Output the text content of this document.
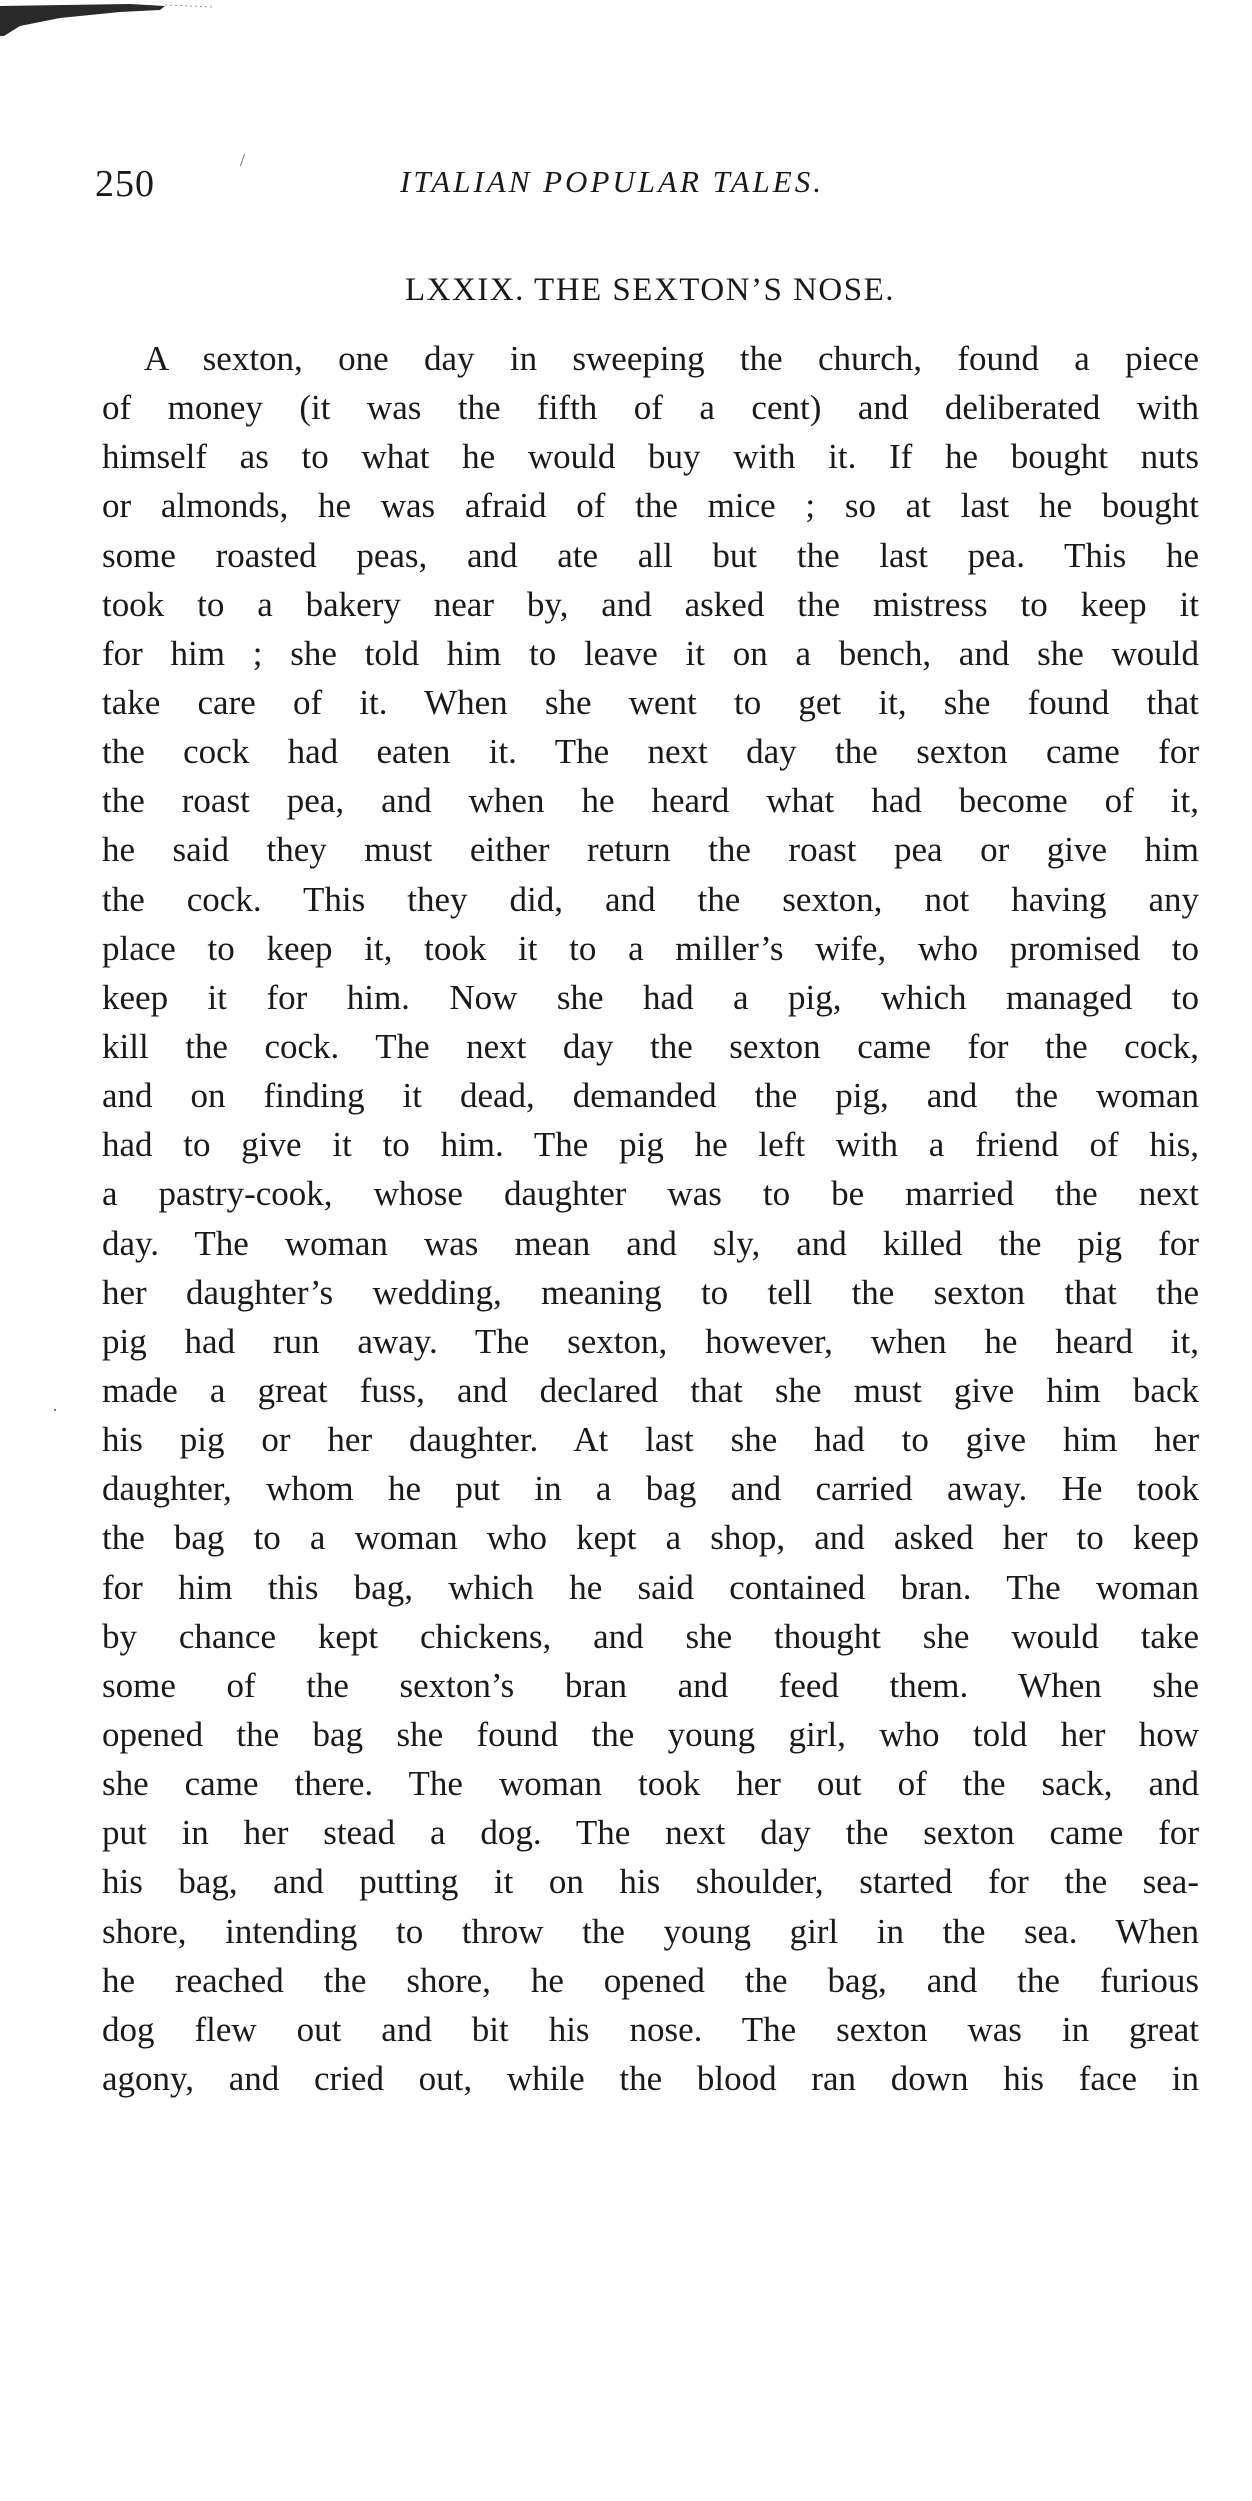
250	ITALIAN POPULAR TALES.
LXXIX. THE SEXTON’S NOSE.
A sexton, one day in sweeping the church, found a piece
of money (it was the fifth of a cent) and deliberated with
himself as to what he would buy with it. If he bought nuts
or almonds, he was afraid of the mice ; so at last he bought
some roasted peas, and ate all but the last pea. This he
took to a bakery near by, and asked the mistress to keep it
for him ; she told him to leave it on a bench, and she would
take care of it. When she went to get it, she found that
the cock had eaten it. The next day the sexton came for
the roast pea, and when he heard what had become of it,
he said they must either return the roast pea or give him
the cock. This they did, and the sexton, not having any
place to keep it, took it to a miller’s wife, who promised to
keep it for him. Now she had a pig, which managed to
kill the cock. The next day the sexton came for the cock,
and on finding it dead, demanded the pig, and the woman
had to give it to him. The pig he left with a friend of his,
a pastry-cook, whose daughter was to be married the next
day. The woman was mean and sly, and killed the pig for
her daughter’s wedding, meaning to tell the sexton that the
pig had run away. The sexton, however, when he heard it,
made a great fuss, and declared that she must give him back
his pig or her daughter. At last she had to give him her
daughter, whom he put in a bag and carried away. He took
the bag to a woman who kept a shop, and asked her to keep
for him this bag, which he said contained bran. The woman
by chance kept chickens, and she thought she would take
some of the sexton’s bran and feed them. When she
opened the bag she found the young girl, who told her how
she came there. The woman took her out of the sack, and
put in her stead a dog. The next day the sexton came for
his bag, and putting it on his shoulder, started for the sea-
shore, intending to throw the young girl in the sea. When
he reached the shore, he opened the bag, and the furious
dog flew out and bit his nose. The sexton was in great
agony, and cried out, while the blood ran down his face in
·
/
